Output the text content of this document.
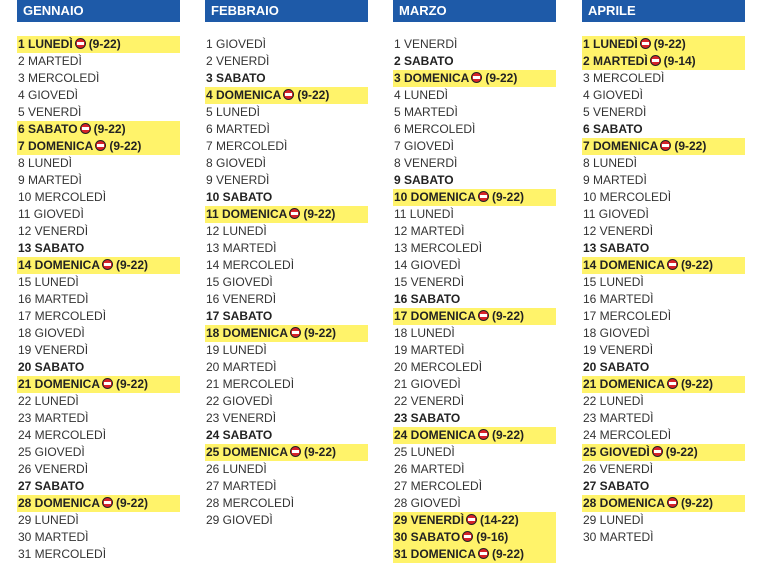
GENNAIO
1 LUNEDÌ (9-22)
2 MARTEDÌ
3 MERCOLEDÌ
4 GIOVEDÌ
5 VENERDÌ
6 SABATO (9-22)
7 DOMENICA (9-22)
8 LUNEDÌ
9 MARTEDÌ
10 MERCOLEDÌ
11 GIOVEDÌ
12 VENERDÌ
13 SABATO
14 DOMENICA (9-22)
15 LUNEDÌ
16 MARTEDÌ
17 MERCOLEDÌ
18 GIOVEDÌ
19 VENERDÌ
20 SABATO
21 DOMENICA (9-22)
22 LUNEDÌ
23 MARTEDÌ
24 MERCOLEDÌ
25 GIOVEDÌ
26 VENERDÌ
27 SABATO
28 DOMENICA (9-22)
29 LUNEDÌ
30 MARTEDÌ
31 MERCOLEDÌ
FEBBRAIO
1 GIOVEDÌ
2 VENERDÌ
3 SABATO
4 DOMENICA (9-22)
5 LUNEDÌ
6 MARTEDÌ
7 MERCOLEDÌ
8 GIOVEDÌ
9 VENERDÌ
10 SABATO
11 DOMENICA (9-22)
12 LUNEDÌ
13 MARTEDÌ
14 MERCOLEDÌ
15 GIOVEDÌ
16 VENERDÌ
17 SABATO
18 DOMENICA (9-22)
19 LUNEDÌ
20 MARTEDÌ
21 MERCOLEDÌ
22 GIOVEDÌ
23 VENERDÌ
24 SABATO
25 DOMENICA (9-22)
26 LUNEDÌ
27 MARTEDÌ
28 MERCOLEDÌ
29 GIOVEDÌ
MARZO
1 VENERDÌ
2 SABATO
3 DOMENICA (9-22)
4 LUNEDÌ
5 MARTEDÌ
6 MERCOLEDÌ
7 GIOVEDÌ
8 VENERDÌ
9 SABATO
10 DOMENICA (9-22)
11 LUNEDÌ
12 MARTEDÌ
13 MERCOLEDÌ
14 GIOVEDÌ
15 VENERDÌ
16 SABATO
17 DOMENICA (9-22)
18 LUNEDÌ
19 MARTEDÌ
20 MERCOLEDÌ
21 GIOVEDÌ
22 VENERDÌ
23 SABATO
24 DOMENICA (9-22)
25 LUNEDÌ
26 MARTEDÌ
27 MERCOLEDÌ
28 GIOVEDÌ
29 VENERDÌ (14-22)
30 SABATO (9-16)
31 DOMENICA (9-22)
APRILE
1 LUNEDÌ (9-22)
2 MARTEDÌ (9-14)
3 MERCOLEDÌ
4 GIOVEDÌ
5 VENERDÌ
6 SABATO
7 DOMENICA (9-22)
8 LUNEDÌ
9 MARTEDÌ
10 MERCOLEDÌ
11 GIOVEDÌ
12 VENERDÌ
13 SABATO
14 DOMENICA (9-22)
15 LUNEDÌ
16 MARTEDÌ
17 MERCOLEDÌ
18 GIOVEDÌ
19 VENERDÌ
20 SABATO
21 DOMENICA (9-22)
22 LUNEDÌ
23 MARTEDÌ
24 MERCOLEDÌ
25 GIOVEDÌ (9-22)
26 VENERDÌ
27 SABATO
28 DOMENICA (9-22)
29 LUNEDÌ
30 MARTEDÌ
